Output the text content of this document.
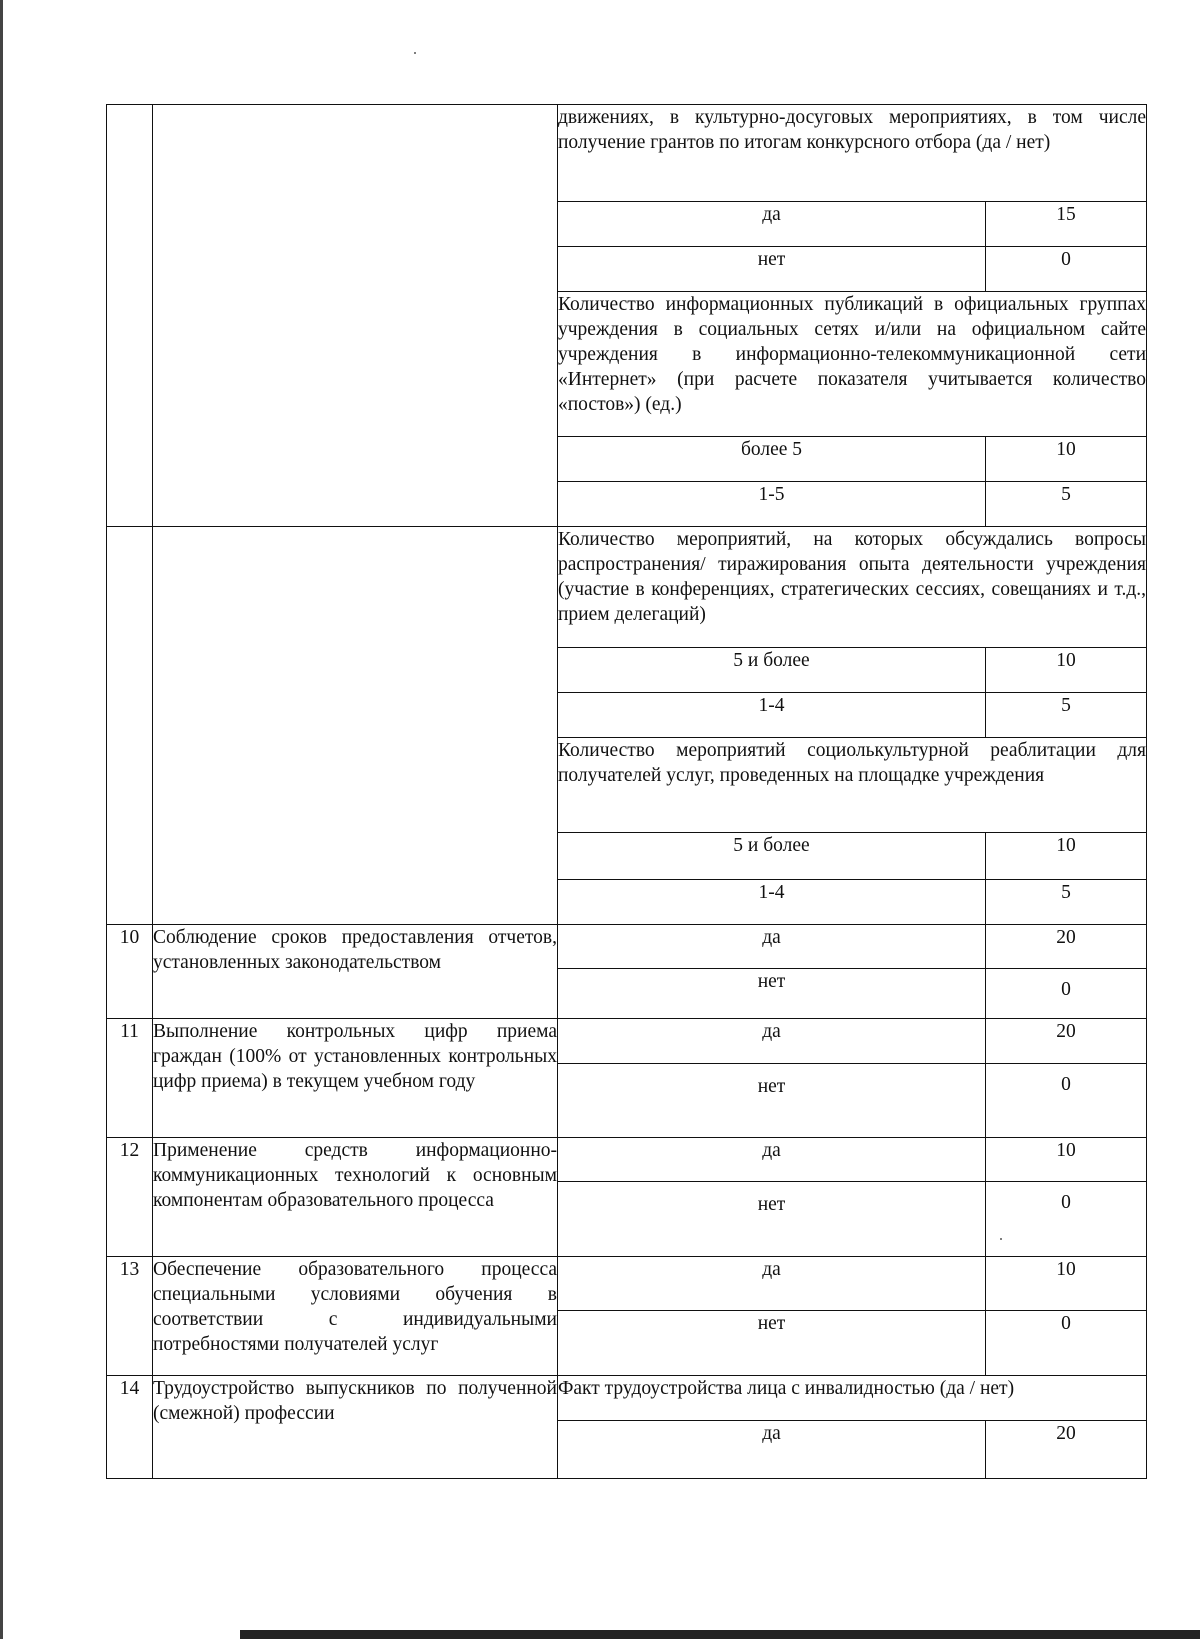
		движениях, в культурно-досуговых мероприятиях, в том числе получение грантов по итогам конкурсного отбора (да / нет)	
		да	15
		нет	0
		Количество информационных публикаций в официальных группах учреждения в социальных сетях и/или на официальном сайте учреждения в информационно-телекоммуникационной сети «Интернет» (при расчете показателя учитывается количество «постов») (ед.)	
		более 5	10
		1-5	5

		Количество мероприятий, на которых обсуждались вопросы распространения/ тиражирования опыта деятельности учреждения (участие в конференциях, стратегических сессиях, совещаниях и т.д., прием делегаций)	
		5 и более	10
		1-4	5
		Количество мероприятий социолькультурной реаблитации для получателей услуг, проведенных на площадке учреждения	
		5 и более	10
		1-4	5
10	Соблюдение сроков предоставления отчетов, установленных законодательством	да	20
		нет	0
11	Выполнение контрольных цифр приема граждан (100% от установленных контрольных цифр приема) в текущем учебном году	да	20
		нет	0
12	Применение средств информационно-коммуникационных технологий к основным компонентам образовательного процесса	да	10
		нет	0
13	Обеспечение образовательного процесса специальными условиями обучения в соответствии с индивидуальными потребностями получателей услуг	да	10
		нет	0
14	Трудоустройство выпускников по полученной (смежной) профессии	Факт трудоустройства лица с инвалидностью (да / нет)	
		да	20
